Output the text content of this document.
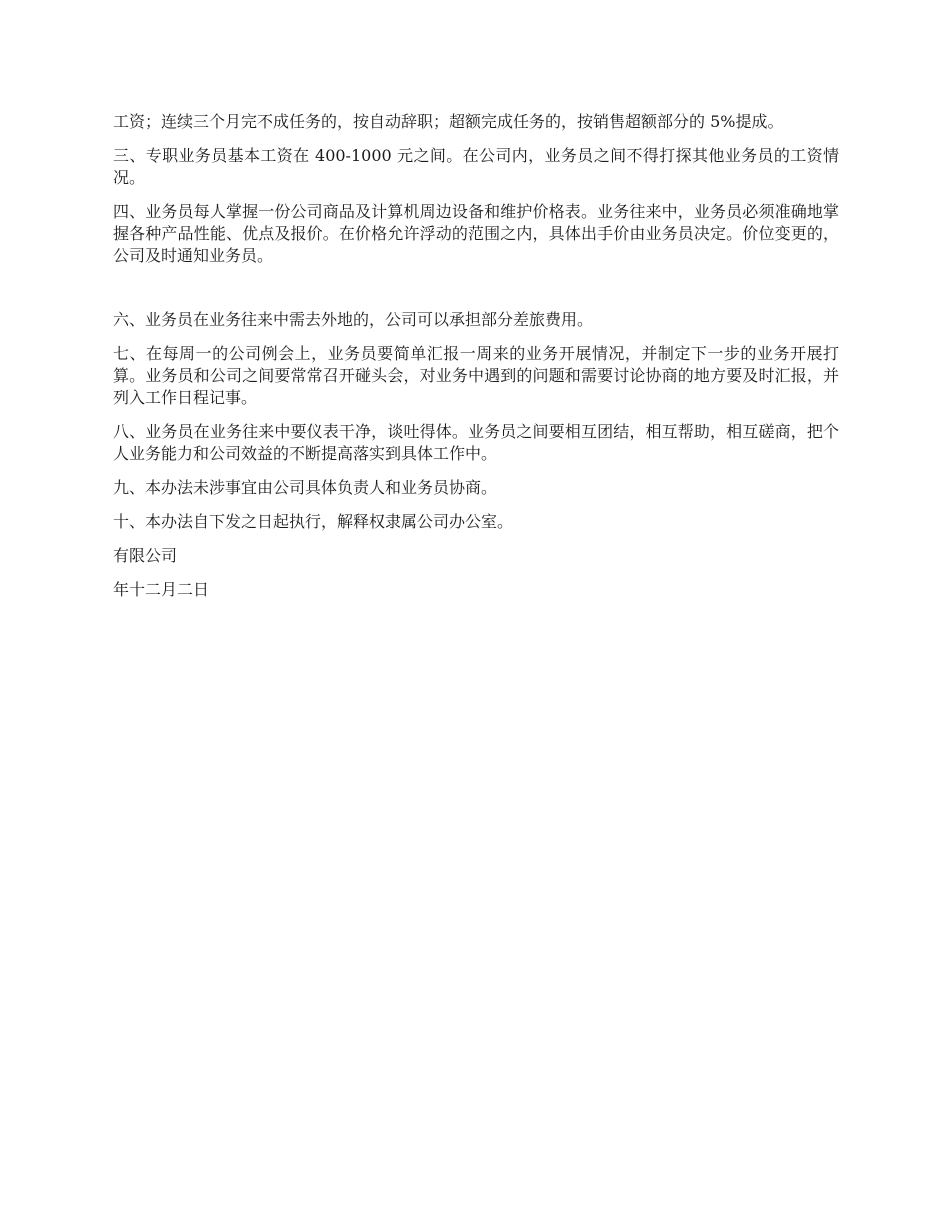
工资；连续三个月完不成任务的，按自动辞职；超额完成任务的，按销售超额部分的 5%提成。

三、专职业务员基本工资在 400-1000 元之间。在公司内，业务员之间不得打探其他业务员的工资情况。

四、业务员每人掌握一份公司商品及计算机周边设备和维护价格表。业务往来中，业务员必须准确地掌握各种产品性能、优点及报价。在价格允许浮动的范围之内，具体出手价由业务员决定。价位变更的，公司及时通知业务员。

六、业务员在业务往来中需去外地的，公司可以承担部分差旅费用。

七、在每周一的公司例会上，业务员要简单汇报一周来的业务开展情况，并制定下一步的业务开展打算。业务员和公司之间要常常召开碰头会，对业务中遇到的问题和需要讨论协商的地方要及时汇报，并列入工作日程记事。

八、业务员在业务往来中要仪表干净，谈吐得体。业务员之间要相互团结，相互帮助，相互磋商，把个人业务能力和公司效益的不断提高落实到具体工作中。

九、本办法未涉事宜由公司具体负责人和业务员协商。

十、本办法自下发之日起执行，解释权隶属公司办公室。

有限公司

年十二月二日
